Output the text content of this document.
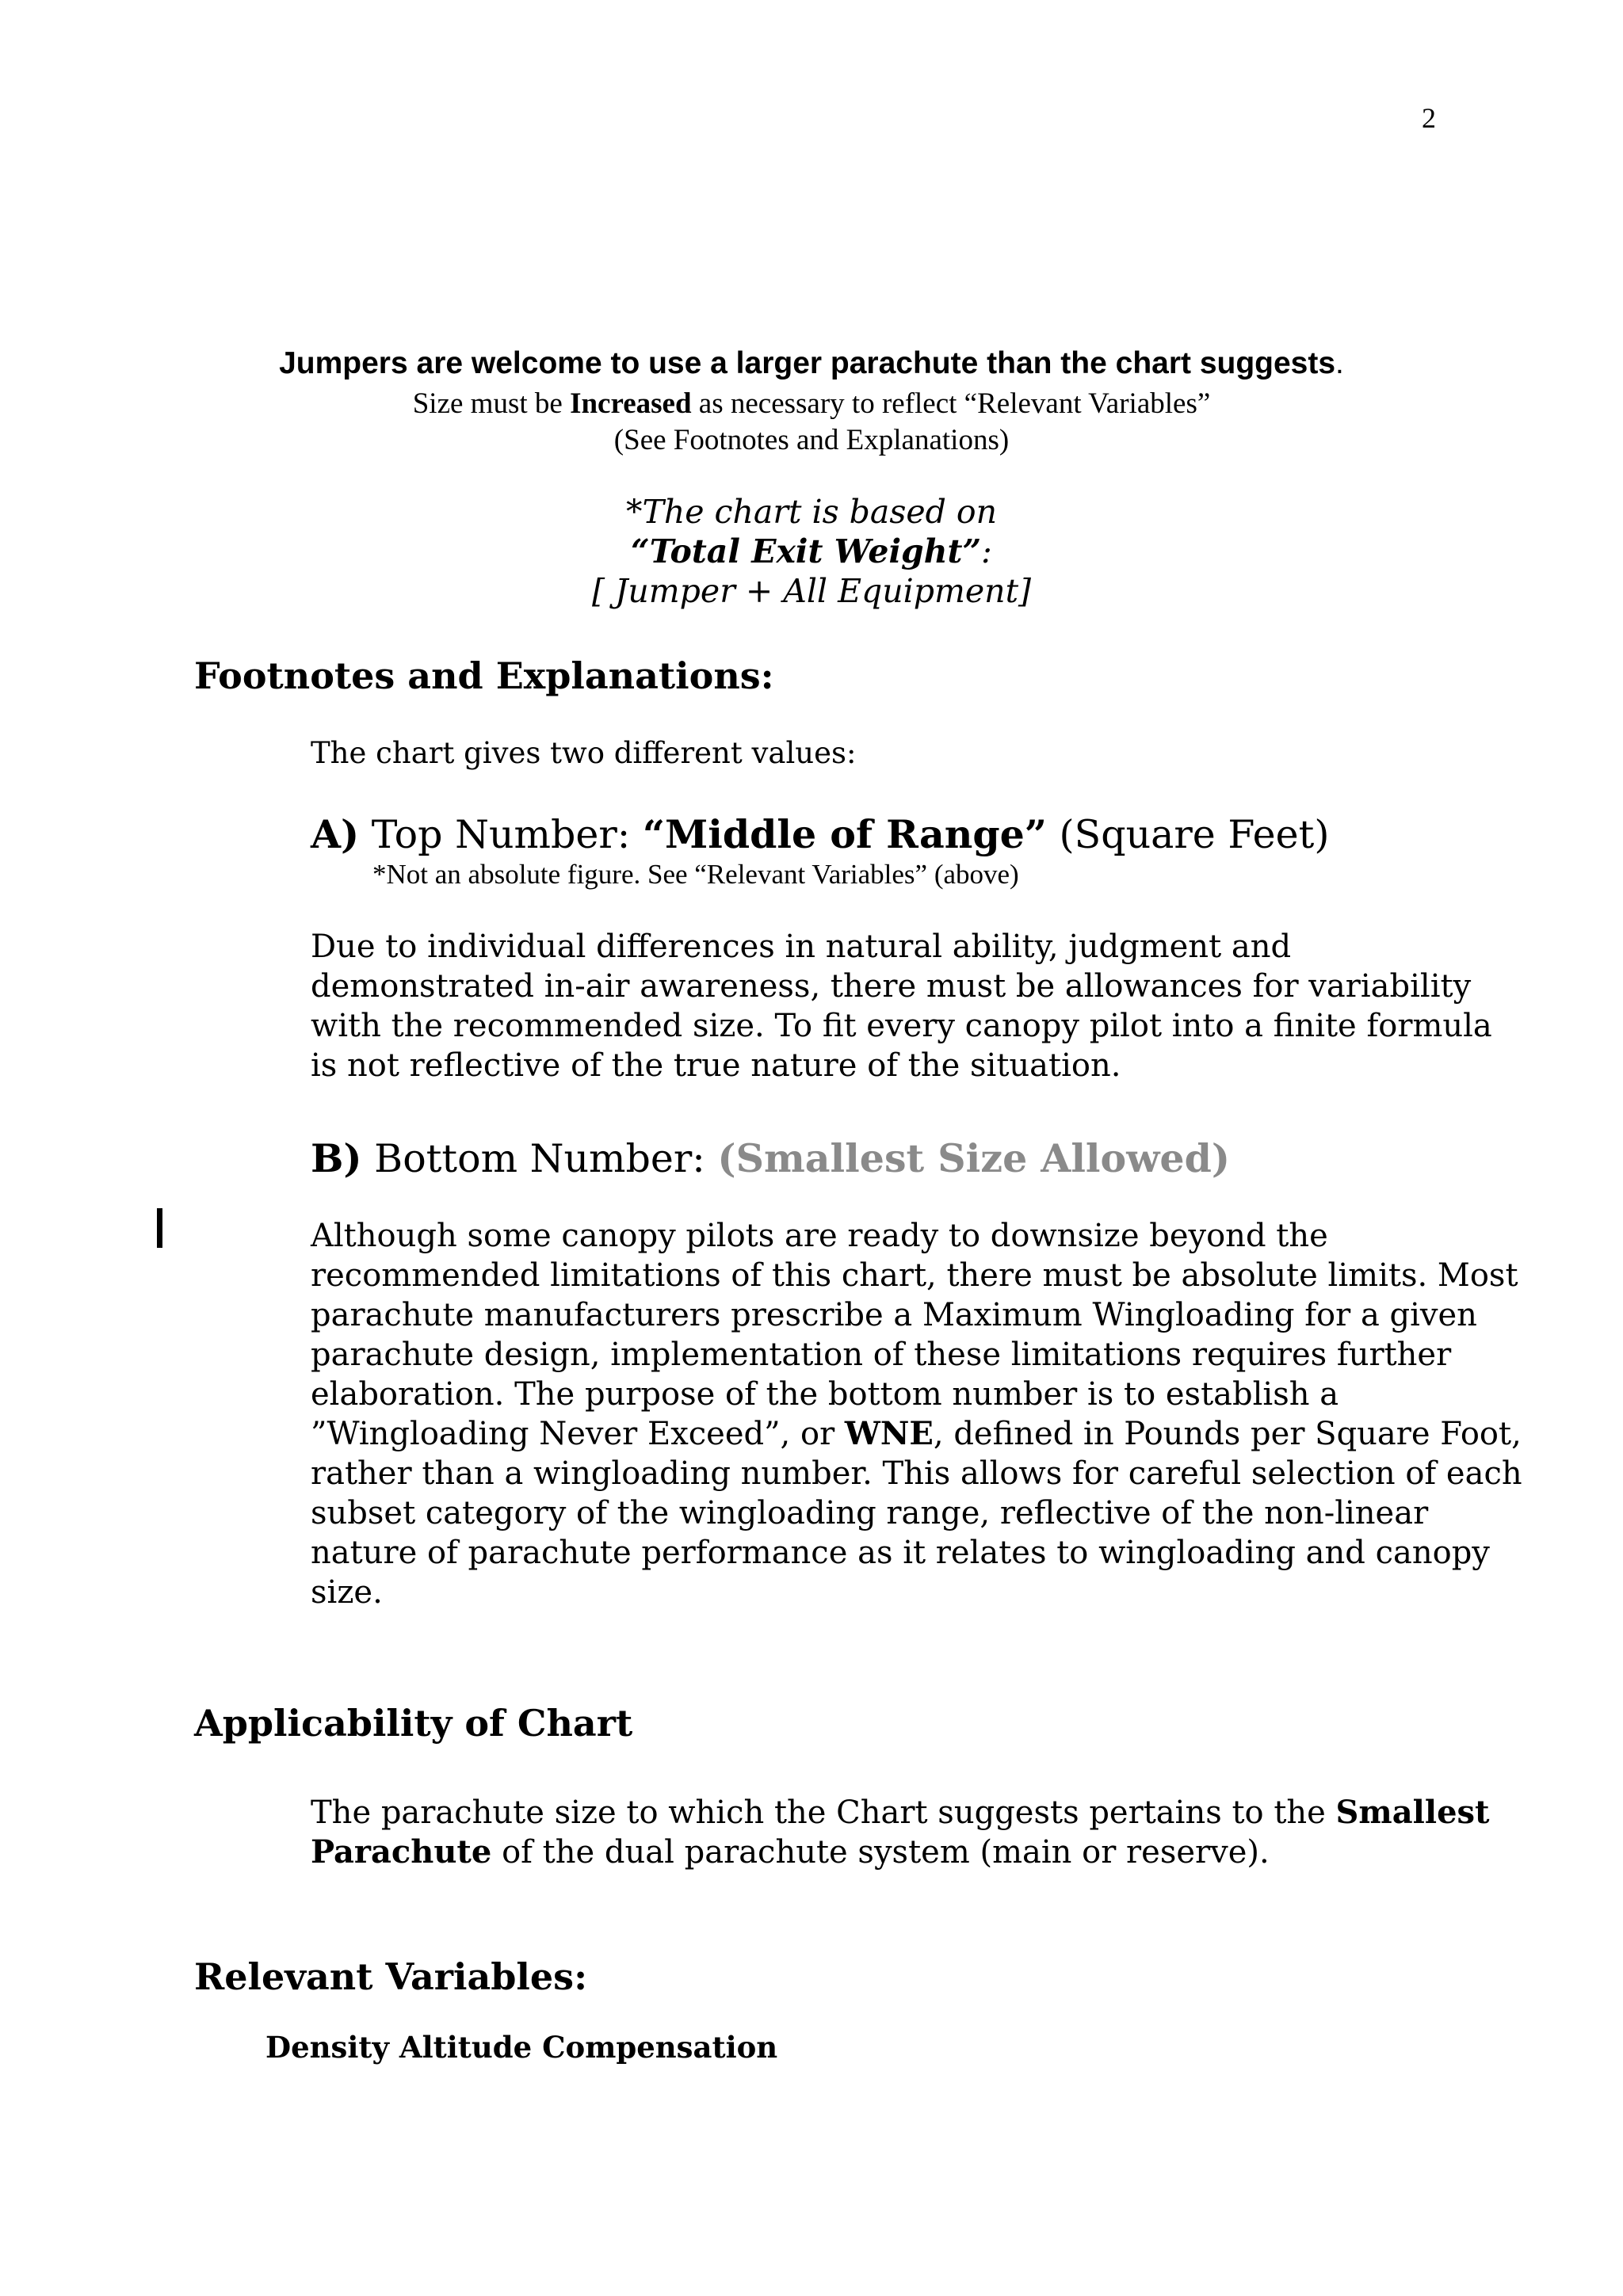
2
Jumpers are welcome to use a larger parachute than the chart suggests.
Size must be Increased as necessary to reflect “Relevant Variables”
(See Footnotes and Explanations)
*The chart is based on
“Total Exit Weight”:
[ Jumper + All Equipment]
Footnotes and Explanations:
The chart gives two different values:
A) Top Number: “Middle of Range” (Square Feet)
*Not an absolute figure. See “Relevant Variables” (above)

Due to individual differences in natural ability, judgment and

demonstrated in-air awareness, there must be allowances for variability

with the recommended size. To fit every canopy pilot into a finite formula

is not reflective of the true nature of the situation.

B) Bottom Number: (Smallest Size Allowed)

Although some canopy pilots are ready to downsize beyond the

recommended limitations of this chart, there must be absolute limits. Most

parachute manufacturers prescribe a Maximum Wingloading for a given

parachute design, implementation of these limitations requires further

elaboration. The purpose of the bottom number is to establish a

”Wingloading Never Exceed”, or WNE, defined in Pounds per Square Foot,

rather than a wingloading number. This allows for careful selection of each

subset category of the wingloading range, reflective of the non-linear

nature of parachute performance as it relates to wingloading and canopy

size.

Applicability of Chart

The parachute size to which the Chart suggests pertains to the Smallest

Parachute of the dual parachute system (main or reserve).

Relevant Variables:
Density Altitude Compensation
